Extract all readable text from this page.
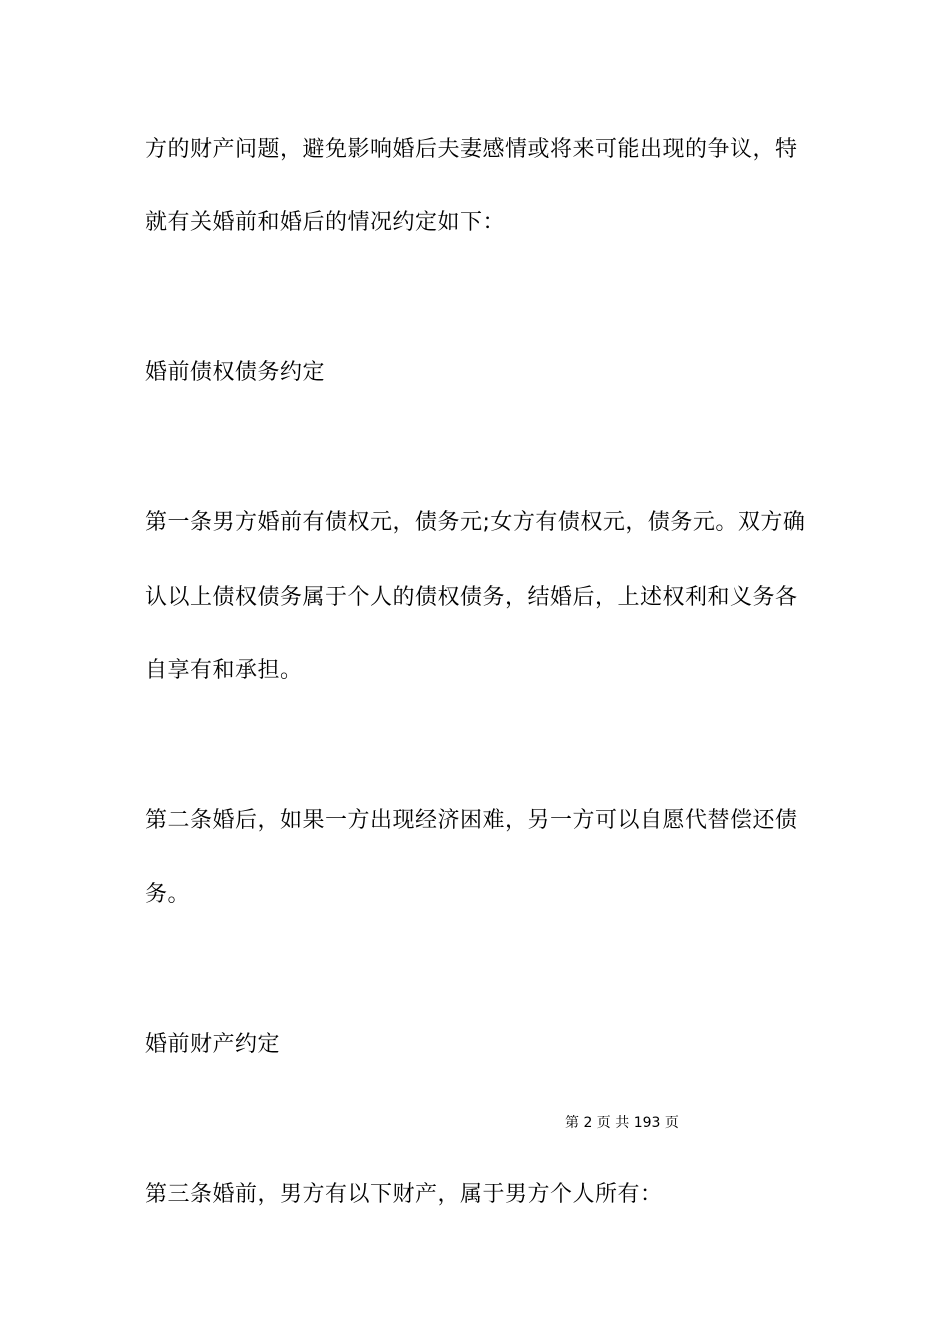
方的财产问题，避免影响婚后夫妻感情或将来可能出现的争议，特
就有关婚前和婚后的情况约定如下：
婚前债权债务约定
第一条男方婚前有债权元，债务元;女方有债权元，债务元。双方确
认以上债权债务属于个人的债权债务，结婚后，上述权利和义务各
自享有和承担。
第二条婚后，如果一方出现经济困难，另一方可以自愿代替偿还债
务。
婚前财产约定
第 2 页 共 193 页
第三条婚前，男方有以下财产，属于男方个人所有：
